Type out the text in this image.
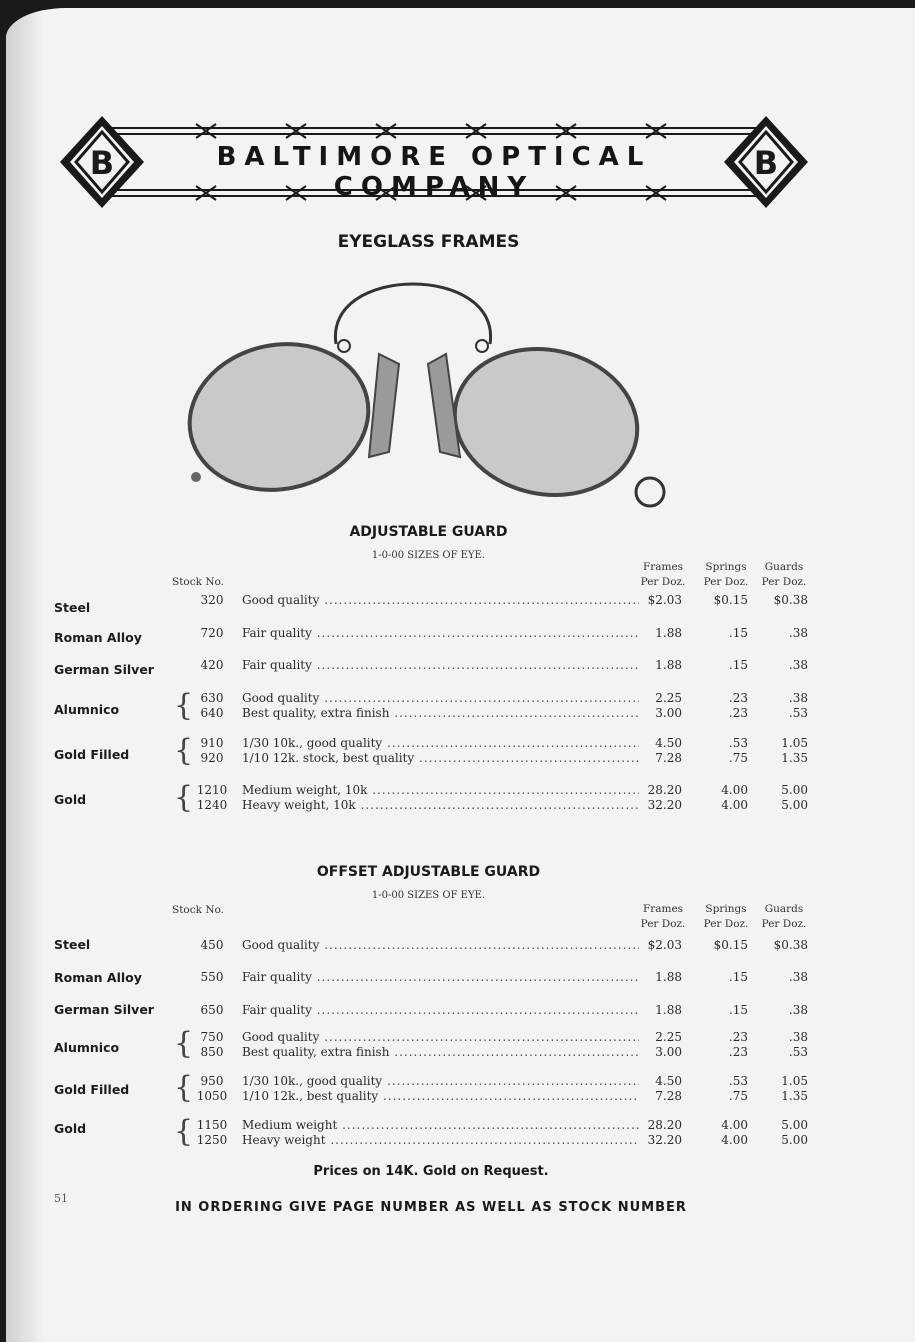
B	B
BALTIMORE OPTICAL COMPANY
EYEGLASS FRAMES
ADJUSTABLE GUARD
1-0-00 SIZES OF EYE.
Stock No.
Frames
Per Doz.
Springs
Per Doz.
Guards
Per Doz.
Steel	320	Good quality .....	$2.03	$0.15	$0.38
Roman Alloy	720	Fair quality .....	1.88	.15	.38
German Silver	420	Fair quality .....	1.88	.15	.38
Alumnico { 630	Good quality .....	2.25	.23	.38
640	Best quality, extra finish .....	3.00	.23	.53
Gold Filled { 910	1/30 10k., good quality .....	4.50	.53	1.05
920	1/10 12k. stock, best quality .....	7.28	.75	1.35
Gold	{ 1210	Medium weight, 10k .....	28.20	4.00	5.00
1240	Heavy weight, 10k .....	32.20	4.00	5.00
OFFSET ADJUSTABLE GUARD
1-0-00 SIZES OF EYE.
Stock No.	Frames
Per Doz.
Springs
Per Doz.
Guards
Per Doz.
Steel	450	Good quality .....	$2.03	$0.15	$0.38
Roman Alloy	550	Fair quality .....	1.88	.15	.38
German Silver	650	Fair quality .....	1.88	.15	.38
Alumnico { 750	Good quality .....	2.25	.23	.38
850	Best quality, extra finish .....	3.00	.23	.53
Gold Filled { 950	1/30 10k., good quality .....	4.50	.53	1.05
1050	1/10 12k., best quality .....	7.28	.75	1.35
Gold	{ 1150	Medium weight .....	28.20	4.00	5.00
1250	Heavy weight .....	32.20	4.00	5.00
Prices on 14K. Gold on Request.
51
IN ORDERING GIVE PAGE NUMBER AS WELL AS STOCK NUMBER
